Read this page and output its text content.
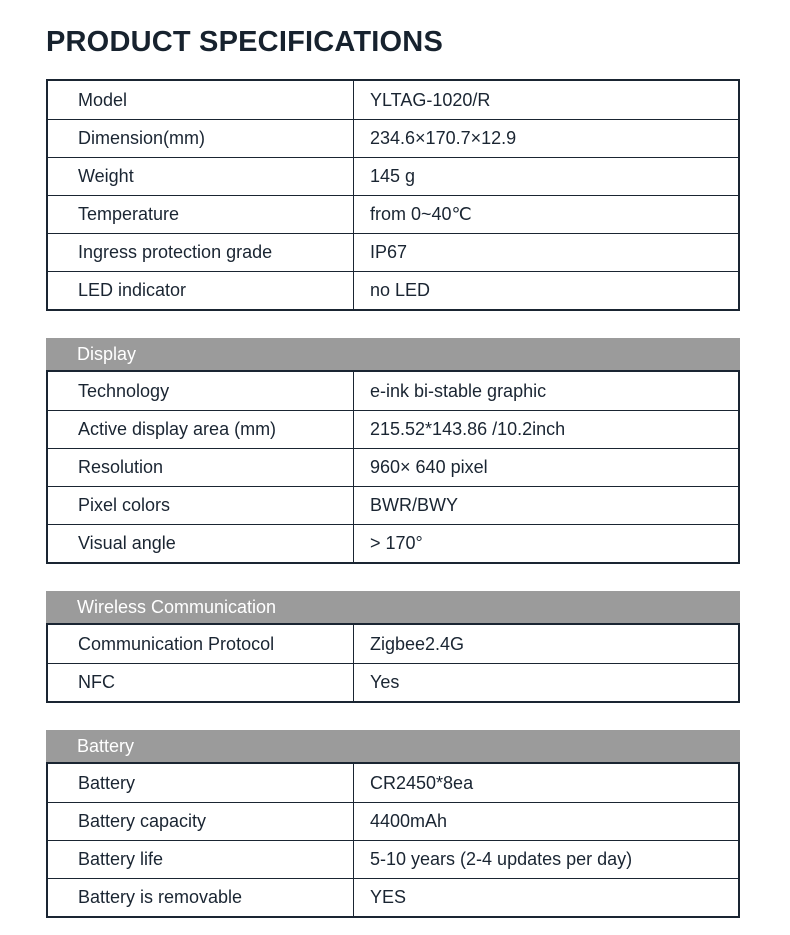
PRODUCT SPECIFICATIONS
Model	YLTAG-1020/R
Dimension(mm)	234.6×170.7×12.9
Weight	145 g
Temperature	from 0~40℃
Ingress protection grade	IP67
LED indicator	no LED
Display
Technology	e-ink bi-stable graphic
Active display area (mm)	215.52*143.86 /10.2inch
Resolution	960× 640 pixel
Pixel colors	BWR/BWY
Visual angle	> 170°
Wireless Communication
Communication Protocol	Zigbee2.4G
NFC	Yes
Battery
Battery	CR2450*8ea
Battery capacity	4400mAh
Battery life	5-10 years (2-4 updates per day)
Battery is removable	YES
